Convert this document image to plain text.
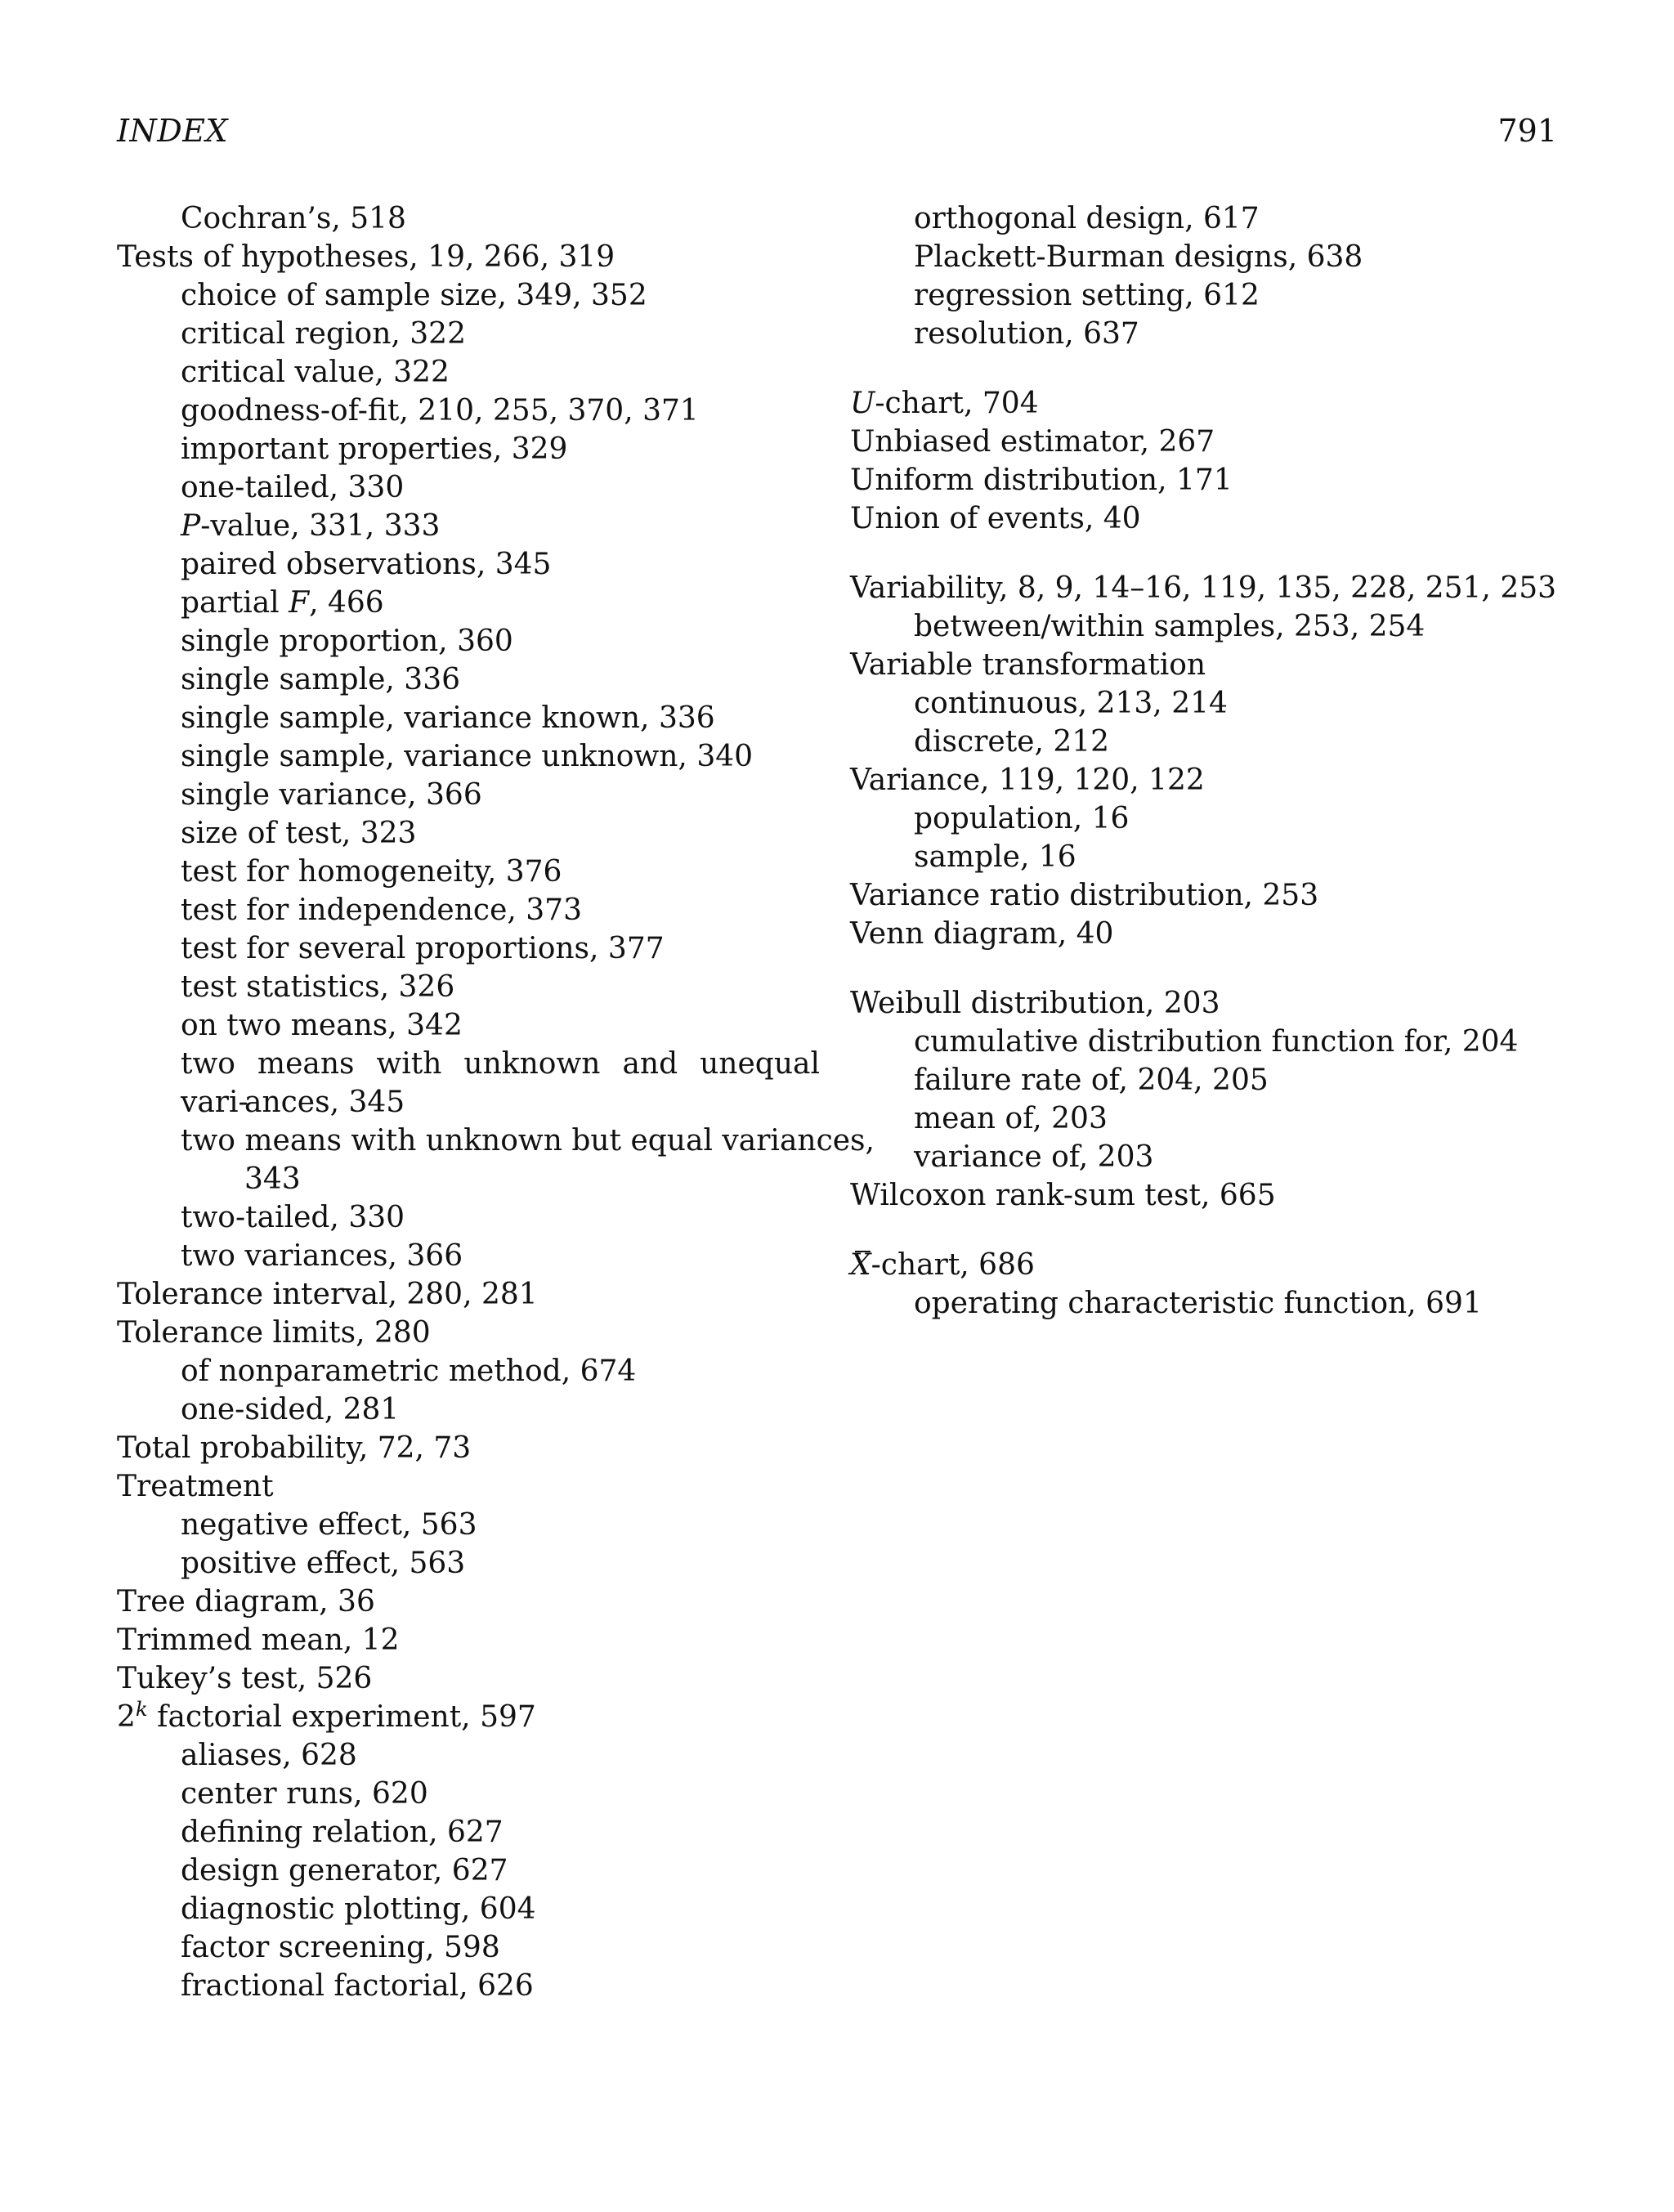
INDEX	791
Cochran’s, 518
Tests of hypotheses, 19, 266, 319
choice of sample size, 349, 352
critical region, 322
critical value, 322
goodness-of-fit, 210, 255, 370, 371
important properties, 329
one-tailed, 330
P-value, 331, 333
paired observations, 345
partial F, 466
single proportion, 360
single sample, 336
single sample, variance known, 336
single sample, variance unknown, 340
single variance, 366
size of test, 323
test for homogeneity, 376
test for independence, 373
test for several proportions, 377
test statistics, 326
on two means, 342
two means with unknown and unequal vari-
ances, 345
two means with unknown but equal variances,
343
two-tailed, 330
two variances, 366
Tolerance interval, 280, 281
Tolerance limits, 280
of nonparametric method, 674
one-sided, 281
Total probability, 72, 73
Treatment
negative effect, 563
positive effect, 563
Tree diagram, 36
Trimmed mean, 12
Tukey’s test, 526
2$^k$ factorial experiment, 597
aliases, 628
center runs, 620
defining relation, 627
design generator, 627
diagnostic plotting, 604
factor screening, 598
fractional factorial, 626
orthogonal design, 617
Plackett-Burman designs, 638
regression setting, 612
resolution, 637
U-chart, 704
Unbiased estimator, 267
Uniform distribution, 171
Union of events, 40
Variability, 8, 9, 14–16, 119, 135, 228, 251, 253
between/within samples, 253, 254
Variable transformation
continuous, 213, 214
discrete, 212
Variance, 119, 120, 122
population, 16
sample, 16
Variance ratio distribution, 253
Venn diagram, 40
Weibull distribution, 203
cumulative distribution function for, 204
failure rate of, 204, 205
mean of, 203
variance of, 203
Wilcoxon rank-sum test, 665
X-chart, 686
operating characteristic function, 691
